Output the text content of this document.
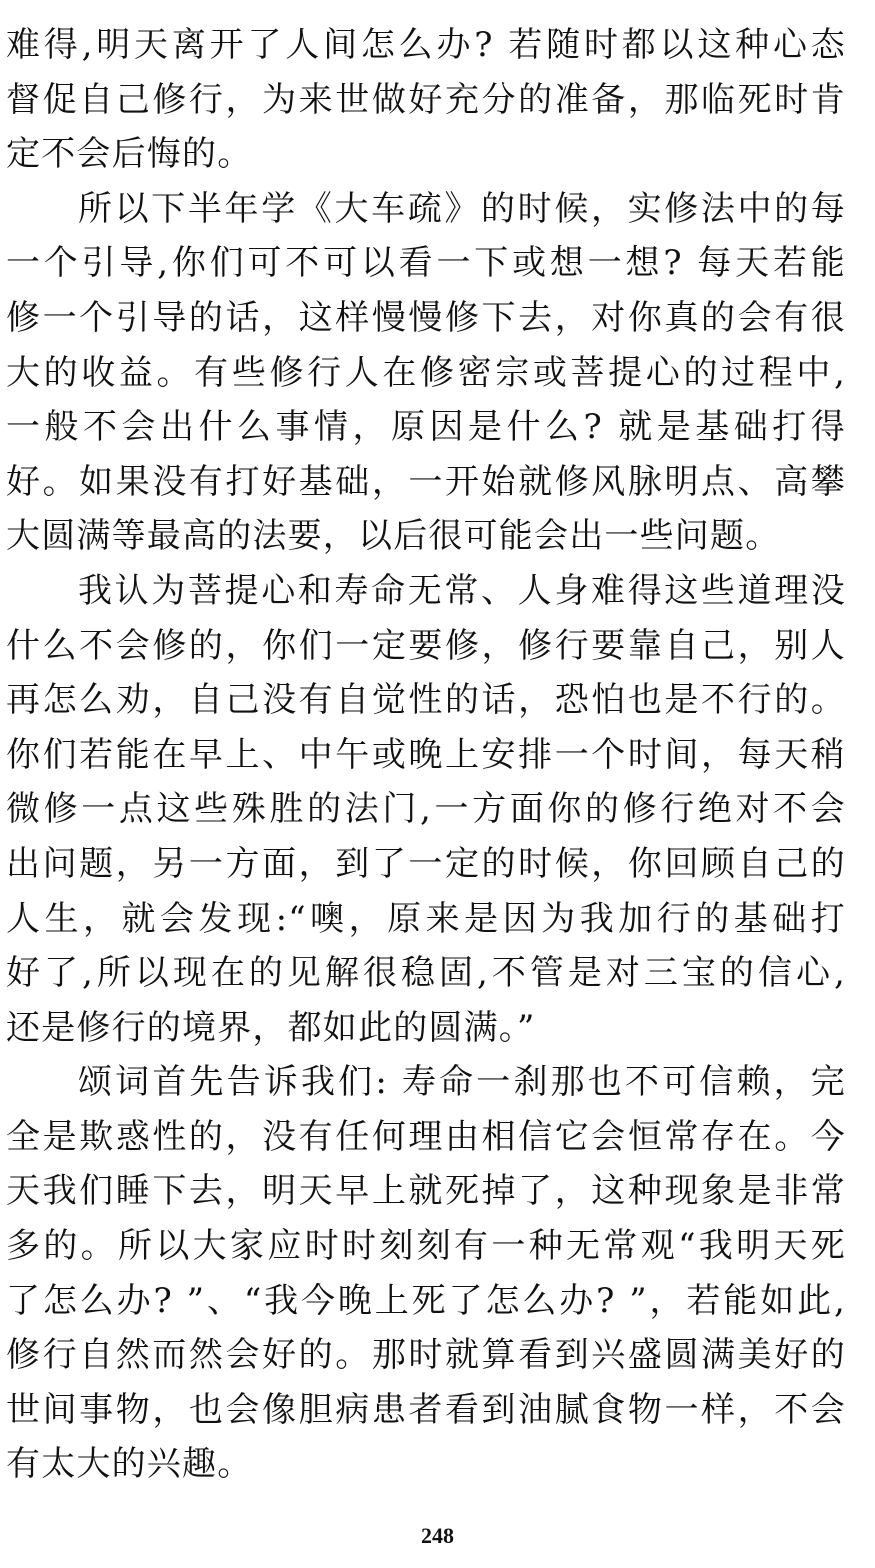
难得,明天离开了人间怎么办? 若随时都以这种心态
督促自己修行，为来世做好充分的准备，那临死时肯
定不会后悔的。
所以下半年学《大车疏》的时候，实修法中的每
一个引导,你们可不可以看一下或想一想? 每天若能
修一个引导的话，这样慢慢修下去，对你真的会有很
大的收益。有些修行人在修密宗或菩提心的过程中,
一般不会出什么事情，原因是什么? 就是基础打得
好。如果没有打好基础，一开始就修风脉明点、高攀
大圆满等最高的法要，以后很可能会出一些问题。
我认为菩提心和寿命无常、人身难得这些道理没
什么不会修的，你们一定要修，修行要靠自己，别人
再怎么劝，自己没有自觉性的话，恐怕也是不行的。
你们若能在早上、中午或晚上安排一个时间，每天稍
微修一点这些殊胜的法门,一方面你的修行绝对不会
出问题，另一方面，到了一定的时候，你回顾自己的
人生，就会发现:“噢，原来是因为我加行的基础打
好了,所以现在的见解很稳固,不管是对三宝的信心,
还是修行的境界，都如此的圆满。”
颂词首先告诉我们: 寿命一刹那也不可信赖，完
全是欺惑性的，没有任何理由相信它会恒常存在。今
天我们睡下去，明天早上就死掉了，这种现象是非常
多的。所以大家应时时刻刻有一种无常观“我明天死
了怎么办? ”、“我今晚上死了怎么办? ”，若能如此,
修行自然而然会好的。那时就算看到兴盛圆满美好的
世间事物，也会像胆病患者看到油腻食物一样，不会
有太大的兴趣。
248
